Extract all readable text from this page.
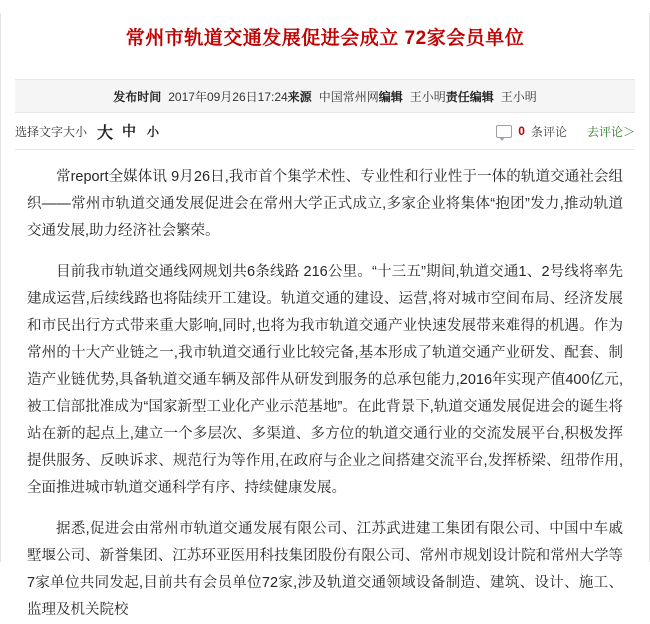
常州市轨道交通发展促进会成立 72家会员单位
发布时间 2017年09月26日17:24 来源 中国常州网 编辑 王小明 责任编辑 王小明
选择文字大小 大 中 小	0 条评论 去评论＞

常report全媒体讯 9月26日,我市首个集学术性、专业性和行业性于一体的轨道交通社会组织——常州市轨道交通发展促进会在常州大学正式成立,多家企业将集体“抱团”发力,推动轨道交通发展,助力经济社会繁荣。

目前我市轨道交通线网规划共6条线路 216公里。“十三五”期间,轨道交通1、2号线将率先建成运营,后续线路也将陆续开工建设。轨道交通的建设、运营,将对城市空间布局、经济发展和市民出行方式带来重大影响,同时,也将为我市轨道交通产业快速发展带来难得的机遇。作为常州的十大产业链之一,我市轨道交通行业比较完备,基本形成了轨道交通产业研发、配套、制造产业链优势,具备轨道交通车辆及部件从研发到服务的总承包能力,2016年实现产值400亿元,被工信部批准成为“国家新型工业化产业示范基地”。在此背景下,轨道交通发展促进会的诞生将站在新的起点上,建立一个多层次、多渠道、多方位的轨道交通行业的交流发展平台,积极发挥提供服务、反映诉求、规范行为等作用,在政府与企业之间搭建交流平台,发挥桥梁、纽带作用,全面推进城市轨道交通科学有序、持续健康发展。

据悉,促进会由常州市轨道交通发展有限公司、江苏武进建工集团有限公司、中国中车戚墅堰公司、新誉集团、江苏环亚医用科技集团股份有限公司、常州市规划设计院和常州大学等7家单位共同发起,目前共有会员单位72家,涉及轨道交通领域设备制造、建筑、设计、施工、监理及机关院校
